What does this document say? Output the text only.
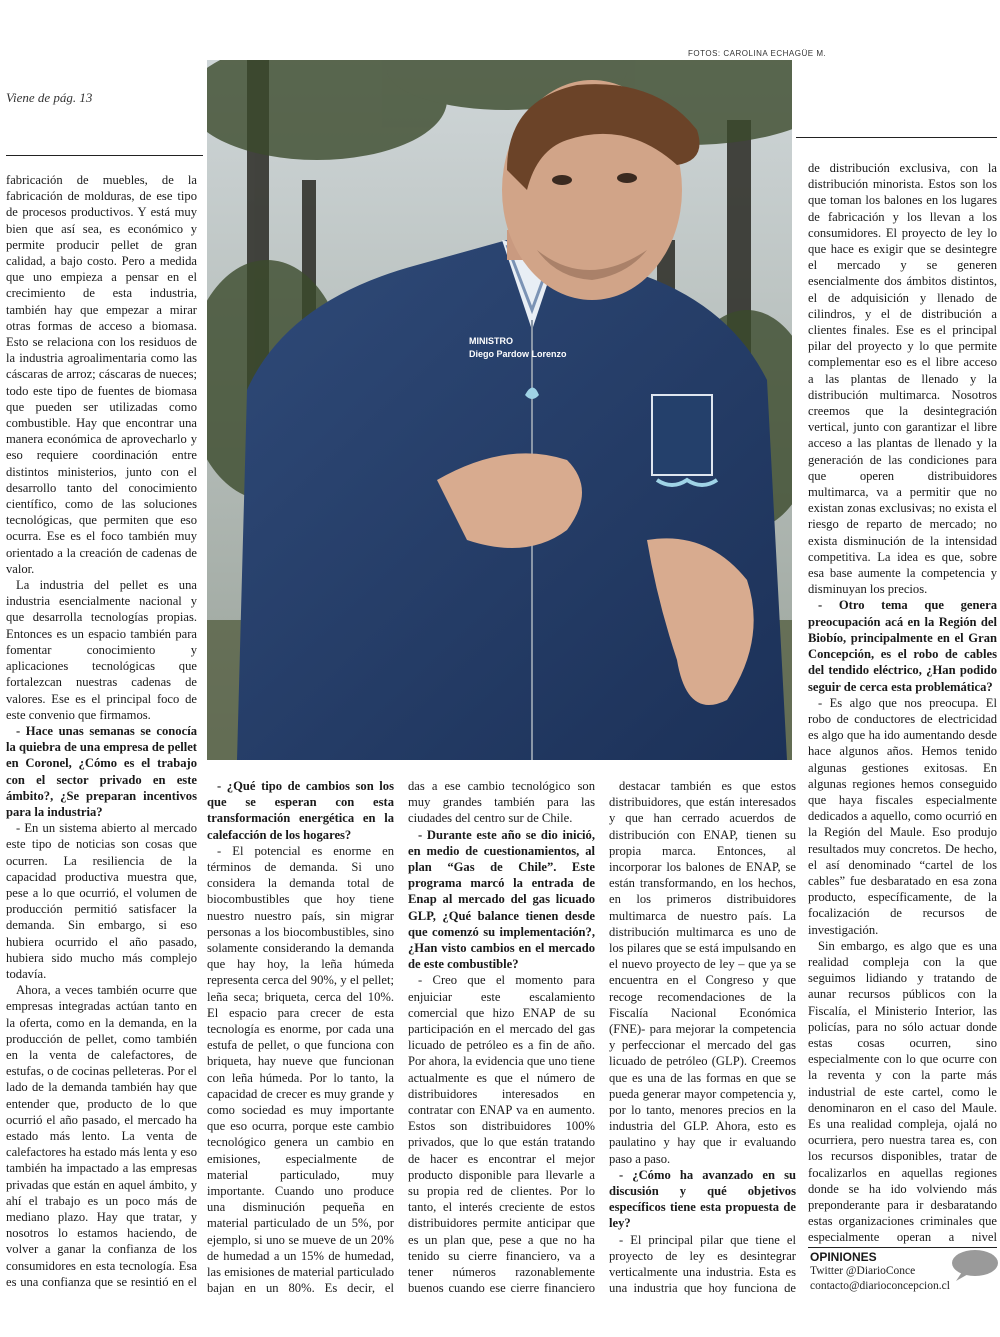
FOTOS: CAROLINA ECHAGÜE M.
Viene de pág. 13
MINISTRO
Diego Pardow Lorenzo

fabricación de muebles, de la fabricación de molduras, de ese tipo de procesos productivos. Y está muy bien que así sea, es económico y permite producir pellet de gran calidad, a bajo costo. Pero a medida que uno empieza a pensar en el crecimiento de esta industria, también hay que empezar a mirar otras formas de acceso a biomasa. Esto se relaciona con los residuos de la industria agroalimentaria como las cáscaras de arroz; cáscaras de nueces; todo este tipo de fuentes de biomasa que pueden ser utilizadas como combustible. Hay que encontrar una manera económica de aprovecharlo y eso requiere coordinación entre distintos ministerios, junto con el desarrollo tanto del conocimiento científico, como de las soluciones tecnológicas, que permiten que eso ocurra. Ese es el foco también muy orientado a la creación de cadenas de valor.

La industria del pellet es una industria esencialmente nacional y que desarrolla tecnologías propias. Entonces es un espacio también para fomentar conocimiento y aplicaciones tecnológicas que fortalezcan nuestras cadenas de valores. Ese es el principal foco de este convenio que firmamos.

- Hace unas semanas se conocía la quiebra de una empresa de pellet en Coronel, ¿Cómo es el trabajo con el sector privado en este ámbito?, ¿Se preparan incentivos para la industria?

- En un sistema abierto al mercado este tipo de noticias son cosas que ocurren. La resiliencia de la capacidad productiva muestra que, pese a lo que ocurrió, el volumen de producción permitió satisfacer la demanda. Sin embargo, si eso hubiera ocurrido el año pasado, hubiera sido mucho más complejo todavía.

Ahora, a veces también ocurre que empresas integradas actúan tanto en la oferta, como en la demanda, en la producción de pellet, como también en la venta de calefactores, de estufas, o de cocinas pelleteras. Por el lado de la demanda también hay que entender que, producto de lo que ocurrió el año pasado, el mercado ha estado más lento. La venta de calefactores ha estado más lenta y eso también ha impactado a las empresas privadas que están en aquel ámbito, y ahí el trabajo es un poco más de mediano plazo. Hay que tratar, y nosotros lo estamos haciendo, de volver a ganar la confianza de los consumidores en esta tecnología. Esa es una confianza que se resintió en el

- ¿Qué tipo de cambios son los que se esperan con esta transformación energética en la calefacción de los hogares?

- El potencial es enorme en términos de demanda. Si uno considera la demanda total de biocombustibles que hoy tiene nuestro nuestro país, sin migrar personas a los biocombustibles, sino solamente considerando la demanda que hay hoy, la leña húmeda representa cerca del 90%, y el pellet; leña seca; briqueta, cerca del 10%. El espacio para crecer de esta tecnología es enorme, por cada una estufa de pellet, o que funciona con briqueta, hay nueve que funcionan con leña húmeda. Por lo tanto, la capacidad de crecer es muy grande y como sociedad es muy importante que eso ocurra, porque este cambio tecnológico genera un cambio en emisiones, especialmente de material particulado, muy importante. Cuando uno produce una disminución pequeña en material particulado de un 5%, por ejemplo, si uno se mueve de un 20% de humedad a un 15% de humedad, las emisiones de material particulado bajan en un 80%. Es decir, el

das a ese cambio tecnológico son muy grandes también para las ciudades del centro sur de Chile.

- Durante este año se dio inició, en medio de cuestionamientos, al plan “Gas de Chile”. Este programa marcó la entrada de Enap al mercado del gas licuado GLP, ¿Qué balance tienen desde que comenzó su implementación?, ¿Han visto cambios en el mercado de este combustible?

- Creo que el momento para enjuiciar este escalamiento comercial que hizo ENAP de su participación en el mercado del gas licuado de petróleo es a fin de año. Por ahora, la evidencia que uno tiene actualmente es que el número de distribuidores interesados en contratar con ENAP va en aumento. Estos son distribuidores 100% privados, que lo que están tratando de hacer es encontrar el mejor producto disponible para llevarle a su propia red de clientes. Por lo tanto, el interés creciente de estos distribuidores permite anticipar que es un plan que, pese a que no ha tenido su cierre financiero, va a tener números razonablemente buenos cuando ese cierre financiero

destacar también es que estos distribuidores, que están interesados y que han cerrado acuerdos de distribución con ENAP, tienen su propia marca. Entonces, al incorporar los balones de ENAP, se están transformando, en los hechos, en los primeros distribuidores multimarca de nuestro país. La distribución multimarca es uno de los pilares que se está impulsando en el nuevo proyecto de ley – que ya se encuentra en el Congreso y que recoge recomendaciones de la Fiscalía Nacional Económica (FNE)- para mejorar la competencia y perfeccionar el mercado del gas licuado de petróleo (GLP). Creemos que es una de las formas en que se pueda generar mayor competencia y, por lo tanto, menores precios en la industria del GLP. Ahora, esto es paulatino y hay que ir evaluando paso a paso.

- ¿Cómo ha avanzado en su discusión y qué objetivos específicos tiene esta propuesta de ley?

- El principal pilar que tiene el proyecto de ley es desintegrar verticalmente una industria. Esta es una industria que hoy funciona de

de distribución exclusiva, con la distribución minorista. Estos son los que toman los balones en los lugares de fabricación y los llevan a los consumidores. El proyecto de ley lo que hace es exigir que se desintegre el mercado y se generen esencialmente dos ámbitos distintos, el de adquisición y llenado de cilindros, y el de distribución a clientes finales. Ese es el principal pilar del proyecto y lo que permite complementar eso es el libre acceso a las plantas de llenado y la distribución multimarca. Nosotros creemos que la desintegración vertical, junto con garantizar el libre acceso a las plantas de llenado y la generación de las condiciones para que operen distribuidores multimarca, va a permitir que no existan zonas exclusivas; no exista el riesgo de reparto de mercado; no exista disminución de la intensidad competitiva. La idea es que, sobre esa base aumente la competencia y disminuyan los precios.

- Otro tema que genera preocupación acá en la Región del Biobío, principalmente en el Gran Concepción, es el robo de cables del tendido eléctrico, ¿Han podido seguir de cerca esta problemática?

- Es algo que nos preocupa. El robo de conductores de electricidad es algo que ha ido aumentando desde hace algunos años. Hemos tenido algunas gestiones exitosas. En algunas regiones hemos conseguido que haya fiscales especialmente dedicados a aquello, como ocurrió en la Región del Maule. Eso produjo resultados muy concretos. De hecho, el así denominado “cartel de los cables” fue desbaratado en esa zona producto, específicamente, de la focalización de recursos de investigación.

Sin embargo, es algo que es una realidad compleja con la que seguimos lidiando y tratando de aunar recursos públicos con la Fiscalía, el Ministerio Interior, las policías, para no sólo actuar donde estas cosas ocurren, sino especialmente con lo que ocurre con la reventa y con la parte más industrial de este cartel, como le denominaron en el caso del Maule. Es una realidad compleja, ojalá no ocurriera, pero nuestra tarea es, con los recursos disponibles, tratar de focalizarlos en aquellas regiones donde se ha ido volviendo más preponderante para ir desbaratando estas organizaciones criminales que especialmente operan a nivel

OPINIONES
Twitter @DiarioConce
contacto@diarioconcepcion.cl
